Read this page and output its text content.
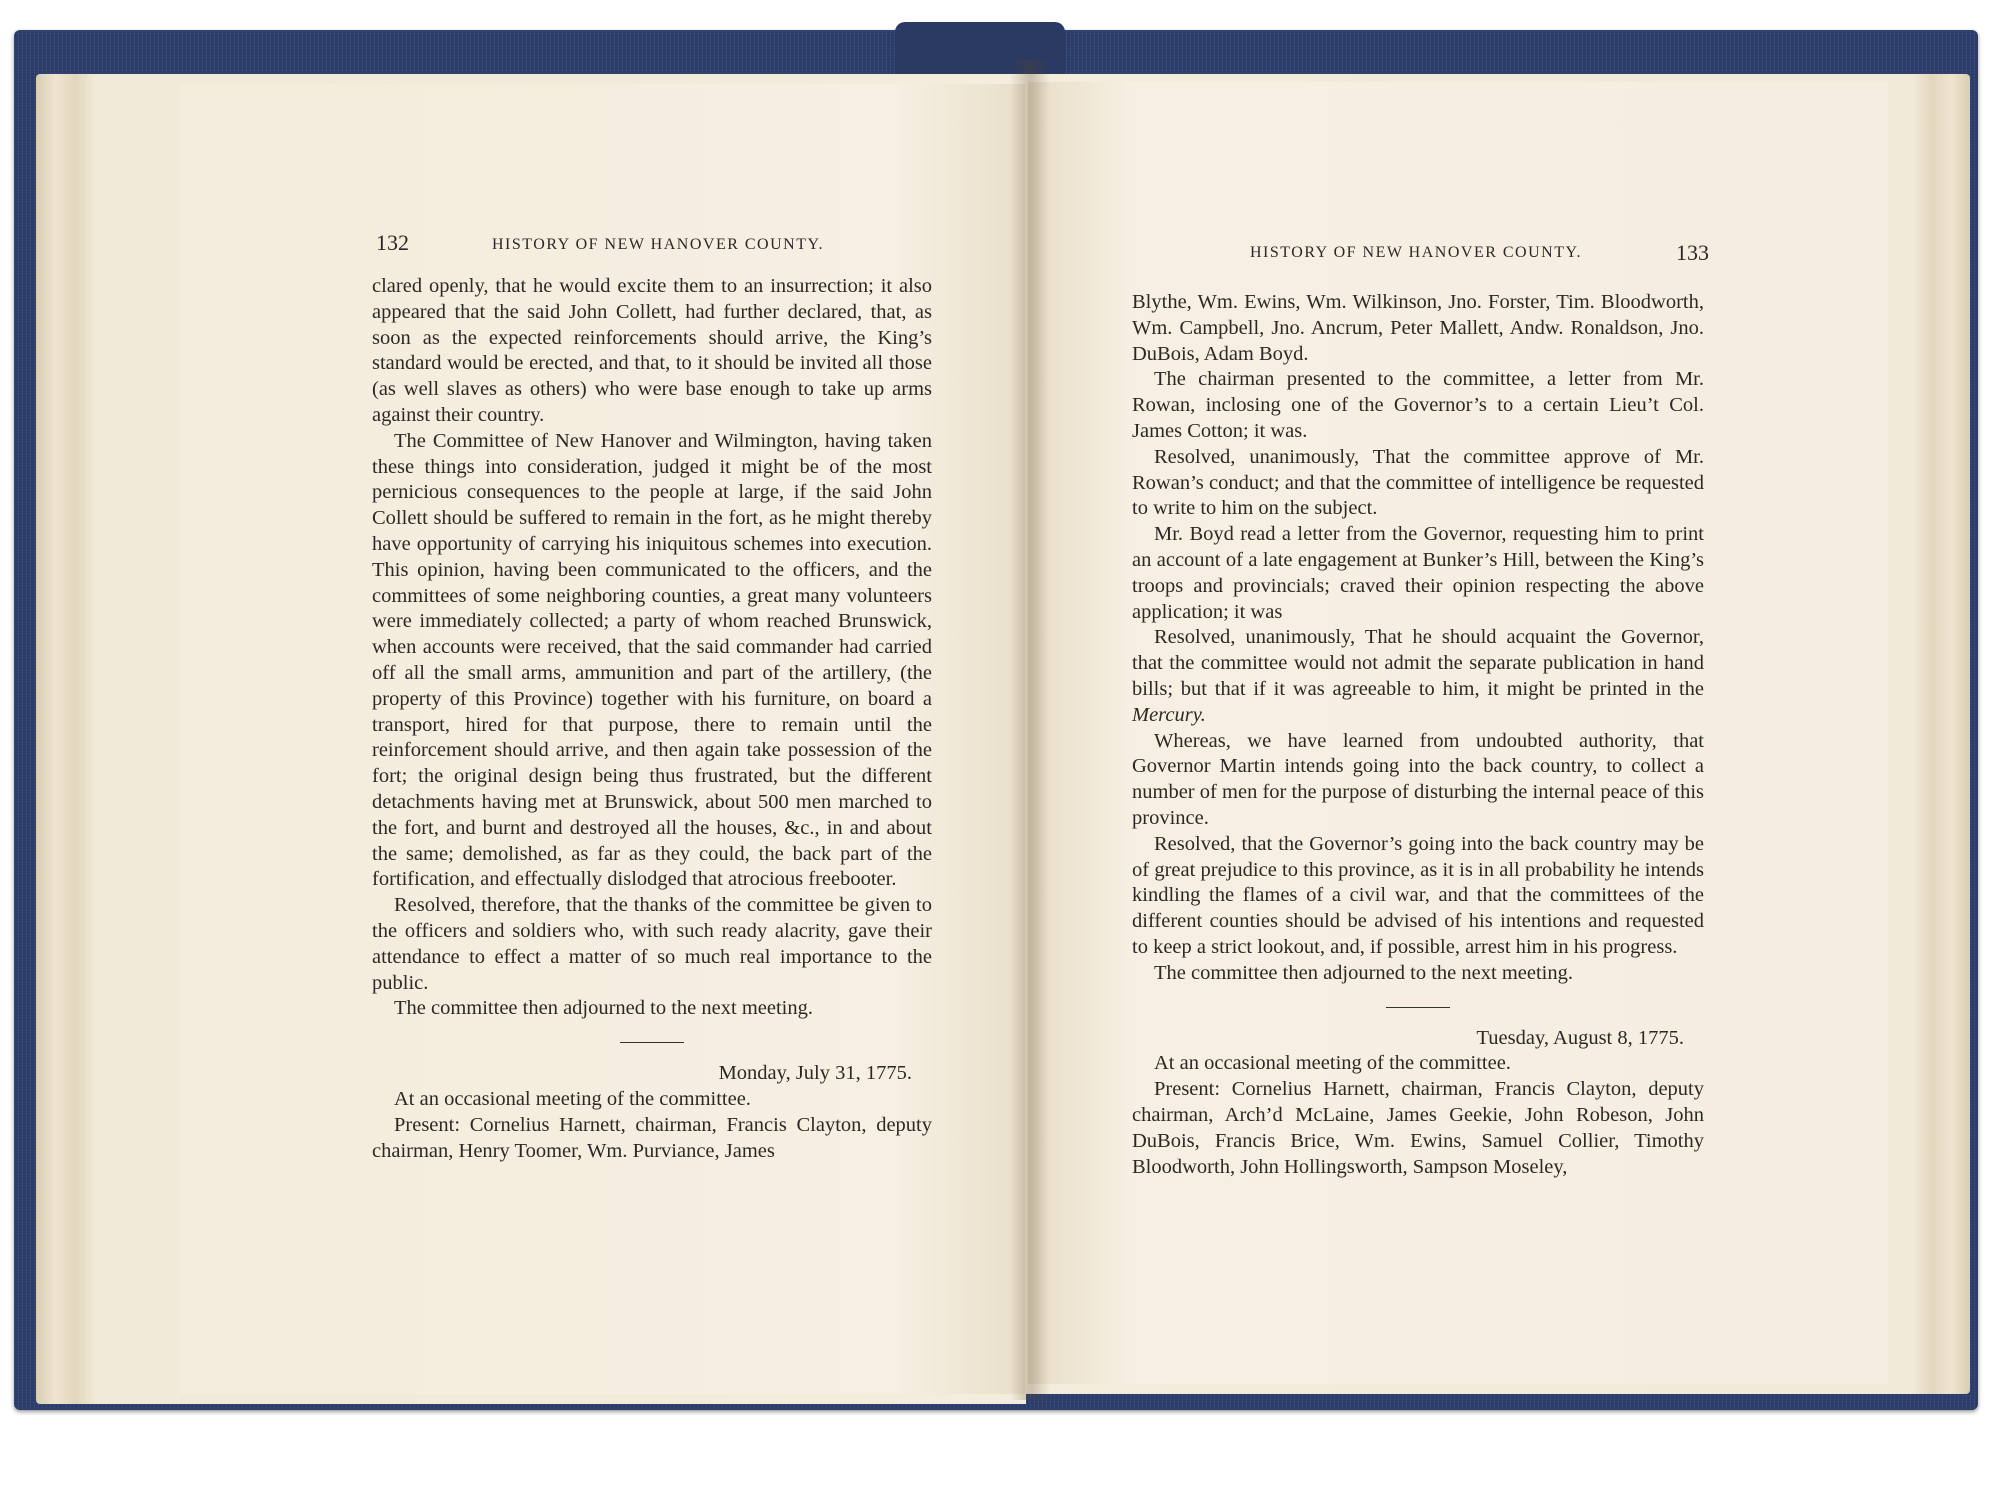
132	HISTORY OF NEW HANOVER COUNTY.

clared openly, that he would excite them to an insurrection; it also appeared that the said John Collett, had further declared, that, as soon as the expected reinforcements should arrive, the King’s standard would be erected, and that, to it should be invited all those (as well slaves as others) who were base enough to take up arms against their country.

The Committee of New Hanover and Wilmington, having taken these things into consideration, judged it might be of the most pernicious consequences to the people at large, if the said John Collett should be suffered to remain in the fort, as he might thereby have opportunity of carrying his iniquitous schemes into execution. This opinion, having been communicated to the officers, and the committees of some neighboring counties, a great many volunteers were immediately collected; a party of whom reached Brunswick, when accounts were received, that the said commander had carried off all the small arms, ammunition and part of the artillery, (the property of this Province) together with his furniture, on board a transport, hired for that purpose, there to remain until the reinforcement should arrive, and then again take possession of the fort; the original design being thus frustrated, but the different detachments having met at Brunswick, about 500 men marched to the fort, and burnt and destroyed all the houses, &c., in and about the same; demolished, as far as they could, the back part of the fortification, and effectually dislodged that atrocious freebooter.

Resolved, therefore, that the thanks of the committee be given to the officers and soldiers who, with such ready alacrity, gave their attendance to effect a matter of so much real importance to the public.

The committee then adjourned to the next meeting.

Monday, July 31, 1775.

At an occasional meeting of the committee.

Present: Cornelius Harnett, chairman, Francis Clayton, deputy chairman, Henry Toomer, Wm. Purviance, James

HISTORY OF NEW HANOVER COUNTY.	133

Blythe, Wm. Ewins, Wm. Wilkinson, Jno. Forster, Tim. Bloodworth, Wm. Campbell, Jno. Ancrum, Peter Mallett, Andw. Ronaldson, Jno. DuBois, Adam Boyd.

The chairman presented to the committee, a letter from Mr. Rowan, inclosing one of the Governor’s to a certain Lieu’t Col. James Cotton; it was.

Resolved, unanimously, That the committee approve of Mr. Rowan’s conduct; and that the committee of intelligence be requested to write to him on the subject.

Mr. Boyd read a letter from the Governor, requesting him to print an account of a late engagement at Bunker’s Hill, between the King’s troops and provincials; craved their opinion respecting the above application; it was

Resolved, unanimously, That he should acquaint the Governor, that the committee would not admit the separate publication in hand bills; but that if it was agreeable to him, it might be printed in the Mercury.

Whereas, we have learned from undoubted authority, that Governor Martin intends going into the back country, to collect a number of men for the purpose of disturbing the internal peace of this province.

Resolved, that the Governor’s going into the back country may be of great prejudice to this province, as it is in all probability he intends kindling the flames of a civil war, and that the committees of the different counties should be advised of his intentions and requested to keep a strict lookout, and, if possible, arrest him in his progress.

The committee then adjourned to the next meeting.

Tuesday, August 8, 1775.

At an occasional meeting of the committee.

Present: Cornelius Harnett, chairman, Francis Clayton, deputy chairman, Arch’d McLaine, James Geekie, John Robeson, John DuBois, Francis Brice, Wm. Ewins, Samuel Collier, Timothy Bloodworth, John Hollingsworth, Sampson Moseley,
